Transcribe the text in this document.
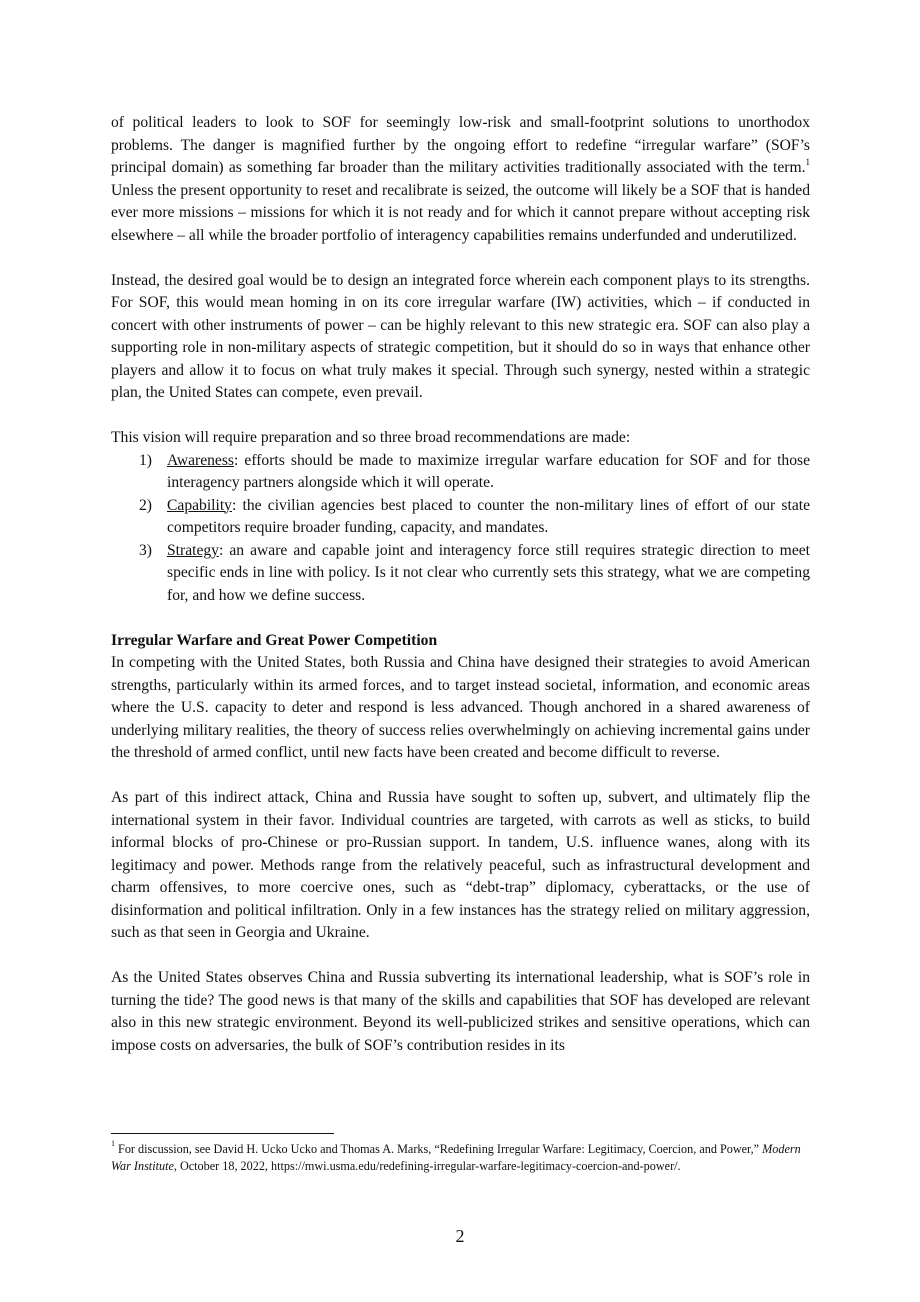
of political leaders to look to SOF for seemingly low-risk and small-footprint solutions to unorthodox problems. The danger is magnified further by the ongoing effort to redefine “irregular warfare” (SOF’s principal domain) as something far broader than the military activities traditionally associated with the term.$^1$ Unless the present opportunity to reset and recalibrate is seized, the outcome will likely be a SOF that is handed ever more missions – missions for which it is not ready and for which it cannot prepare without accepting risk elsewhere – all while the broader portfolio of interagency capabilities remains underfunded and underutilized.

Instead, the desired goal would be to design an integrated force wherein each component plays to its strengths. For SOF, this would mean homing in on its core irregular warfare (IW) activities, which – if conducted in concert with other instruments of power – can be highly relevant to this new strategic era. SOF can also play a supporting role in non-military aspects of strategic competition, but it should do so in ways that enhance other players and allow it to focus on what truly makes it special. Through such synergy, nested within a strategic plan, the United States can compete, even prevail.

This vision will require preparation and so three broad recommendations are made:

1) Awareness: efforts should be made to maximize irregular warfare education for SOF and for those interagency partners alongside which it will operate.
2) Capability: the civilian agencies best placed to counter the non-military lines of effort of our state competitors require broader funding, capacity, and mandates.
3) Strategy: an aware and capable joint and interagency force still requires strategic direction to meet specific ends in line with policy. Is it not clear who currently sets this strategy, what we are competing for, and how we define success.
Irregular Warfare and Great Power Competition

In competing with the United States, both Russia and China have designed their strategies to avoid American strengths, particularly within its armed forces, and to target instead societal, information, and economic areas where the U.S. capacity to deter and respond is less advanced. Though anchored in a shared awareness of underlying military realities, the theory of success relies overwhelmingly on achieving incremental gains under the threshold of armed conflict, until new facts have been created and become difficult to reverse.

As part of this indirect attack, China and Russia have sought to soften up, subvert, and ultimately flip the international system in their favor. Individual countries are targeted, with carrots as well as sticks, to build informal blocks of pro-Chinese or pro-Russian support. In tandem, U.S. influence wanes, along with its legitimacy and power. Methods range from the relatively peaceful, such as infrastructural development and charm offensives, to more coercive ones, such as “debt-trap” diplomacy, cyberattacks, or the use of disinformation and political infiltration. Only in a few instances has the strategy relied on military aggression, such as that seen in Georgia and Ukraine.

As the United States observes China and Russia subverting its international leadership, what is SOF’s role in turning the tide? The good news is that many of the skills and capabilities that SOF has developed are relevant also in this new strategic environment. Beyond its well-publicized strikes and sensitive operations, which can impose costs on adversaries, the bulk of SOF’s contribution resides in its

$^1$ For discussion, see David H. Ucko Ucko and Thomas A. Marks, “Redefining Irregular Warfare: Legitimacy, Coercion, and Power,” Modern War Institute, October 18, 2022, https://mwi.usma.edu/redefining-irregular-warfare-legitimacy-coercion-and-power/.
2
